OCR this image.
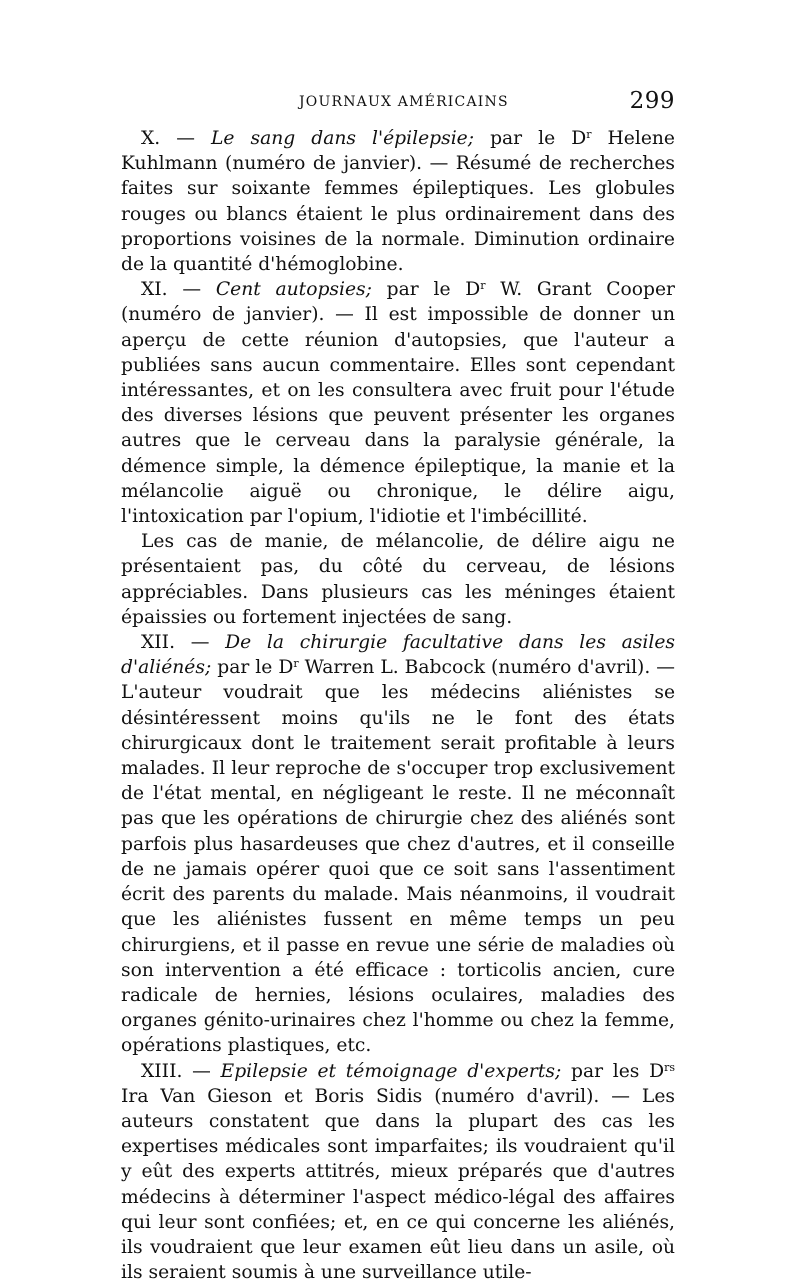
JOURNAUX AMÉRICAINS	299

X. — Le sang dans l'épilepsie; par le $D^r$ Helene Kuhlmann (numéro de janvier). — Résumé de recherches faites sur soixante femmes épileptiques. Les globules rouges ou blancs étaient le plus ordinairement dans des proportions voisines de la normale. Diminution ordinaire de la quantité d'hémoglobine.

XI. — Cent autopsies; par le $D^r$ W. Grant Cooper (numéro de janvier). — Il est impossible de donner un aperçu de cette réunion d'autopsies, que l'auteur a publiées sans aucun commentaire. Elles sont cependant intéressantes, et on les consultera avec fruit pour l'étude des diverses lésions que peuvent présenter les organes autres que le cerveau dans la paralysie générale, la démence simple, la démence épileptique, la manie et la mélancolie aiguë ou chronique, le délire aigu, l'intoxication par l'opium, l'idiotie et l'imbécillité.

Les cas de manie, de mélancolie, de délire aigu ne présentaient pas, du côté du cerveau, de lésions appréciables. Dans plusieurs cas les méninges étaient épaissies ou fortement injectées de sang.

XII. — De la chirurgie facultative dans les asiles d'aliénés; par le $D^r$ Warren L. Babcock (numéro d'avril). — L'auteur voudrait que les médecins aliénistes se désintéressent moins qu'ils ne le font des états chirurgicaux dont le traitement serait profitable à leurs malades. Il leur reproche de s'occuper trop exclusivement de l'état mental, en négligeant le reste. Il ne méconnaît pas que les opérations de chirurgie chez des aliénés sont parfois plus hasardeuses que chez d'autres, et il conseille de ne jamais opérer quoi que ce soit sans l'assentiment écrit des parents du malade. Mais néanmoins, il voudrait que les aliénistes fussent en même temps un peu chirurgiens, et il passe en revue une série de maladies où son intervention a été efficace : torticolis ancien, cure radicale de hernies, lésions oculaires, maladies des organes génito-urinaires chez l'homme ou chez la femme, opérations plastiques, etc.

XIII. — Epilepsie et témoignage d'experts; par les $D^{rs}$ Ira Van Gieson et Boris Sidis (numéro d'avril). — Les auteurs constatent que dans la plupart des cas les expertises médicales sont imparfaites; ils voudraient qu'il y eût des experts attitrés, mieux préparés que d'autres médecins à déterminer l'aspect médico-légal des affaires qui leur sont confiées; et, en ce qui concerne les aliénés, ils voudraient que leur examen eût lieu dans un asile, où ils seraient soumis à une surveillance utile-
